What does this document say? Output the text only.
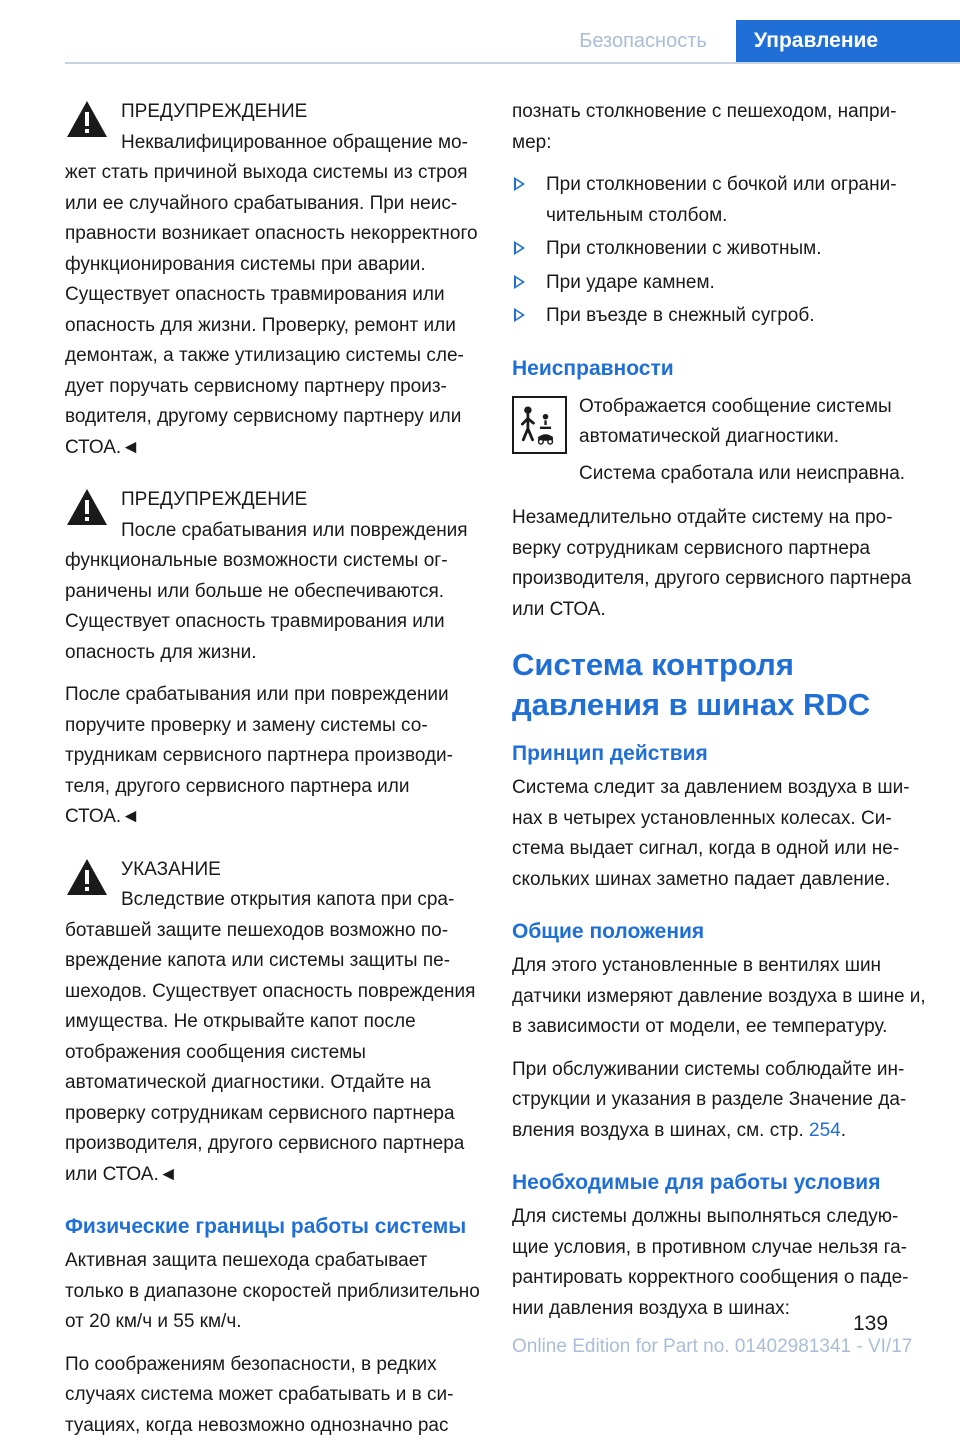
Безопасность	Управление

ПРЕДУПРЕЖДЕНИЕ

Неквалифицированное обращение может стать причиной выхода системы из строя или ее случайного срабатывания. При неисправности возникает опасность некорректного функционирования системы при аварии. Существует опасность травмирования или опасность для жизни. Проверку, ремонт или демонтаж, а также утилизацию системы следует поручать сервисному партнеру производителя, другому сервисному партнеру или СТОА.◄

ПРЕДУПРЕЖДЕНИЕ

После срабатывания или повреждения функциональные возможности системы ограничены или больше не обеспечиваются. Существует опасность травмирования или опасность для жизни.

После срабатывания или при повреждении поручите проверку и замену системы сотрудникам сервисного партнера производителя, другого сервисного партнера или СТОА.◄

УКАЗАНИЕ

Вследствие открытия капота при сработавшей защите пешеходов возможно повреждение капота или системы защиты пешеходов. Существует опасность повреждения имущества. Не открывайте капот после отображения сообщения системы автоматической диагностики. Отдайте на проверку сотрудникам сервисного партнера производителя, другого сервисного партнера или СТОА.◄

Физические границы работы системы

Активная защита пешехода срабатывает только в диапазоне скоростей приблизительно от 20 км/ч и 55 км/ч.

По соображениям безопасности, в редких случаях система может срабатывать и в ситуациях, когда невозможно однозначно рас

познать столкновение с пешеходом, например:

При столкновении с бочкой или ограничительным столбом.
При столкновении с животным.
При ударе камнем.
При въезде в снежный сугроб.
Неисправности

Отображается сообщение системы автоматической диагностики.

Система сработала или неисправна.

Незамедлительно отдайте систему на проверку сотрудникам сервисного партнера производителя, другого сервисного партнера или СТОА.

Система контроля давления в шинах RDC
Принцип действия

Система следит за давлением воздуха в шинах в четырех установленных колесах. Система выдает сигнал, когда в одной или нескольких шинах заметно падает давление.

Общие положения

Для этого установленные в вентилях шин датчики измеряют давление воздуха в шине и, в зависимости от модели, ее температуру.

При обслуживании системы соблюдайте инструкции и указания в разделе Значение давления воздуха в шинах, см. стр. 254.

Необходимые для работы условия

Для системы должны выполняться следующие условия, в противном случае нельзя гарантировать корректного сообщения о падении давления воздуха в шинах:

139
Online Edition for Part no. 01402981341 - VI/17
